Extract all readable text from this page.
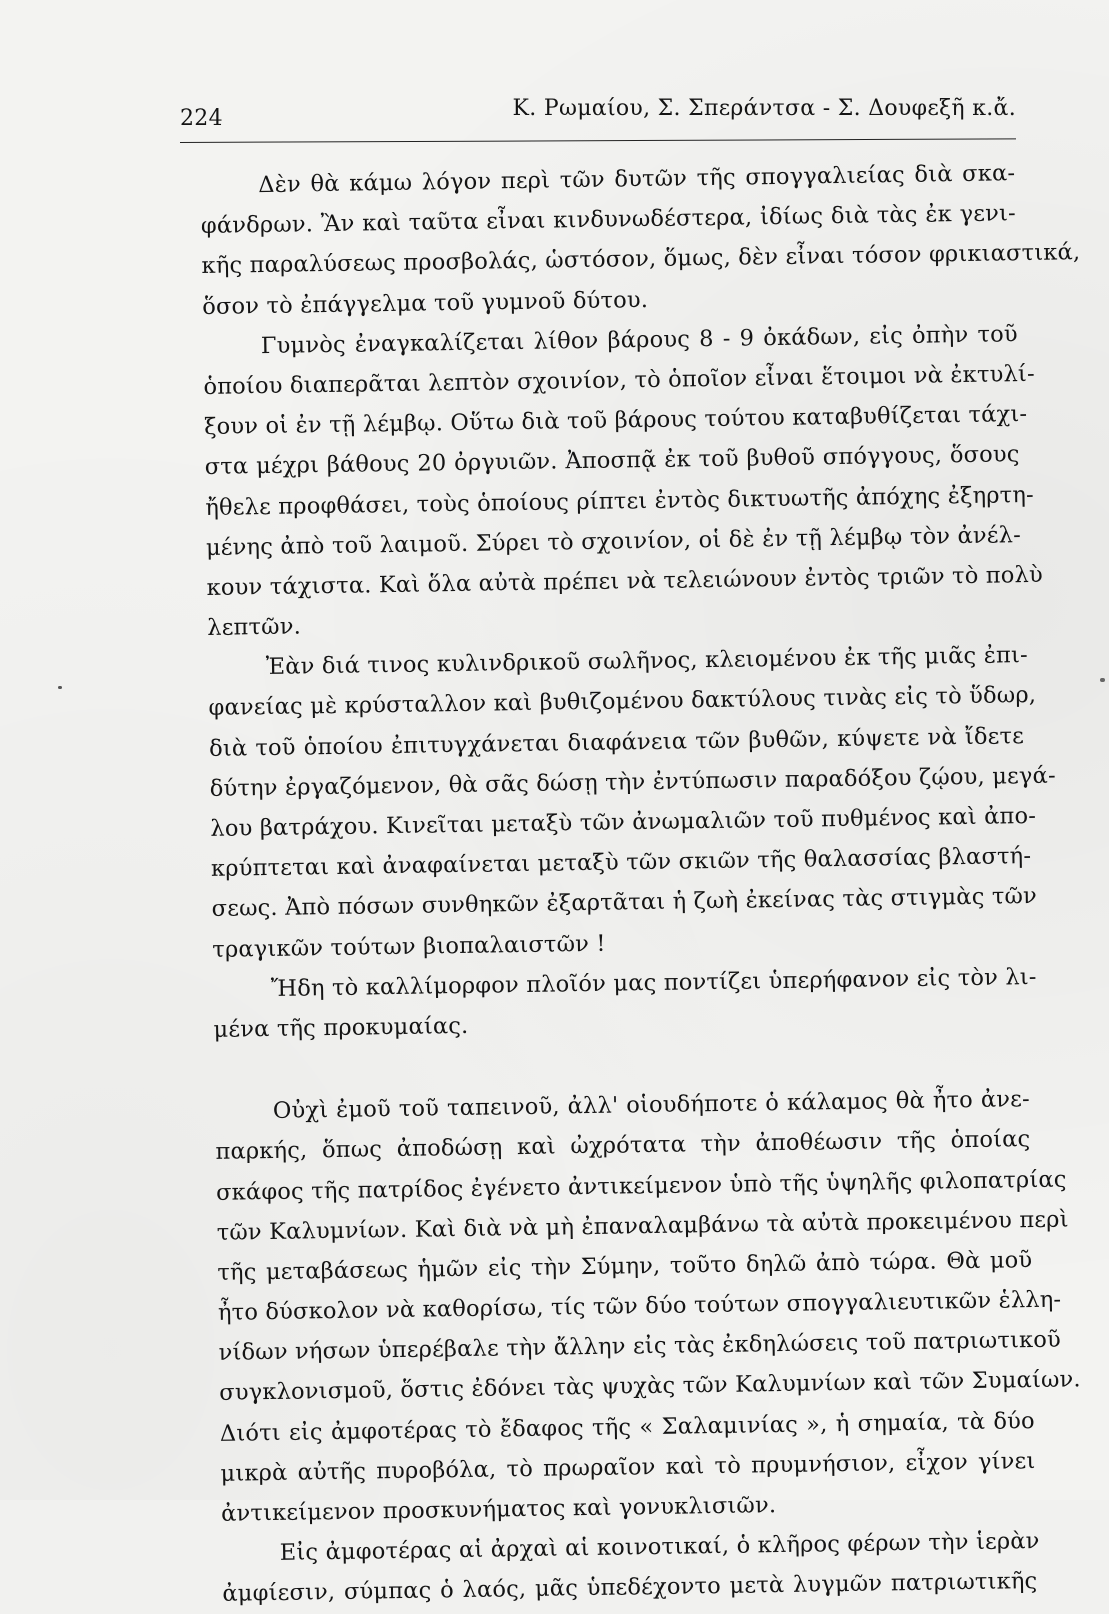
224	Κ. Ρωμαίου, Σ. Σπεράντσα - Σ. Δουφεξῆ κ.ἄ.
Δὲν θὰ κάμω λόγον περὶ τῶν δυτῶν τῆς σπογγαλιείας διὰ σκα-
φάνδρων. Ἂν καὶ ταῦτα εἶναι κινδυνωδέστερα, ἰδίως διὰ τὰς ἐκ γενι-
κῆς παραλύσεως προσβολάς, ὡστόσον, ὅμως, δὲν εἶναι τόσον φρικιαστικά,
ὅσον τὸ ἐπάγγελμα τοῦ γυμνοῦ δύτου.
Γυμνὸς ἐναγκαλίζεται λίθον βάρους 8 - 9 ὀκάδων, εἰς ὀπὴν τοῦ
ὁποίου διαπερᾶται λεπτὸν σχοινίον, τὸ ὁποῖον εἶναι ἕτοιμοι νὰ ἐκτυλί-
ξουν οἱ ἐν τῇ λέμβῳ. Οὕτω διὰ τοῦ βάρους τούτου καταβυθίζεται τάχι-
στα μέχρι βάθους 20 ὀργυιῶν. Ἀποσπᾷ ἐκ τοῦ βυθοῦ σπόγγους, ὅσους
ἤθελε προφθάσει, τοὺς ὁποίους ρίπτει ἐντὸς δικτυωτῆς ἀπόχης ἐξηρτη-
μένης ἀπὸ τοῦ λαιμοῦ. Σύρει τὸ σχοινίον, οἱ δὲ ἐν τῇ λέμβῳ τὸν ἀνέλ-
κουν τάχιστα. Καὶ ὅλα αὐτὰ πρέπει νὰ τελειώνουν ἐντὸς τριῶν τὸ πολὺ
λεπτῶν.
Ἐὰν διά τινος κυλινδρικοῦ σωλῆνος, κλειομένου ἐκ τῆς μιᾶς ἐπι-
φανείας μὲ κρύσταλλον καὶ βυθιζομένου δακτύλους τινὰς εἰς τὸ ὕδωρ,
διὰ τοῦ ὁποίου ἐπιτυγχάνεται διαφάνεια τῶν βυθῶν, κύψετε νὰ ἴδετε
δύτην ἐργαζόμενον, θὰ σᾶς δώσῃ τὴν ἐντύπωσιν παραδόξου ζῴου, μεγά-
λου βατράχου. Κινεῖται μεταξὺ τῶν ἀνωμαλιῶν τοῦ πυθμένος καὶ ἀπο-
κρύπτεται καὶ ἀναφαίνεται μεταξὺ τῶν σκιῶν τῆς θαλασσίας βλαστή-
σεως. Ἀπὸ πόσων συνθηκῶν ἐξαρτᾶται ἡ ζωὴ ἐκείνας τὰς στιγμὰς τῶν
τραγικῶν τούτων βιοπαλαιστῶν !
Ἤδη τὸ καλλίμορφον πλοῖόν μας ποντίζει ὑπερήφανον εἰς τὸν λι-
μένα τῆς προκυμαίας.
Οὐχὶ ἐμοῦ τοῦ ταπεινοῦ, ἀλλ' οἱουδήποτε ὁ κάλαμος θὰ ἦτο ἀνε-
παρκής, ὅπως ἀποδώσῃ καὶ ὠχρότατα τὴν ἀποθέωσιν τῆς ὁποίας
σκάφος τῆς πατρίδος ἐγένετο ἀντικείμενον ὑπὸ τῆς ὑψηλῆς φιλοπατρίας
τῶν Καλυμνίων. Καὶ διὰ νὰ μὴ ἐπαναλαμβάνω τὰ αὐτὰ προκειμένου περὶ
τῆς μεταβάσεως ἡμῶν εἰς τὴν Σύμην, τοῦτο δηλῶ ἀπὸ τώρα. Θὰ μοῦ
ἦτο δύσκολον νὰ καθορίσω, τίς τῶν δύο τούτων σπογγαλιευτικῶν ἑλλη-
νίδων νήσων ὑπερέβαλε τὴν ἄλλην εἰς τὰς ἐκδηλώσεις τοῦ πατριωτικοῦ
συγκλονισμοῦ, ὅστις ἐδόνει τὰς ψυχὰς τῶν Καλυμνίων καὶ τῶν Συμαίων.
Διότι εἰς ἀμφοτέρας τὸ ἔδαφος τῆς « Σαλαμινίας », ἡ σημαία, τὰ δύο
μικρὰ αὐτῆς πυροβόλα, τὸ πρωραῖον καὶ τὸ πρυμνήσιον, εἶχον γίνει
ἀντικείμενον προσκυνήματος καὶ γονυκλισιῶν.
Εἰς ἀμφοτέρας αἱ ἀρχαὶ αἱ κοινοτικαί, ὁ κλῆρος φέρων τὴν ἱερὰν
ἀμφίεσιν, σύμπας ὁ λαός, μᾶς ὑπεδέχοντο μετὰ λυγμῶν πατριωτικῆς
